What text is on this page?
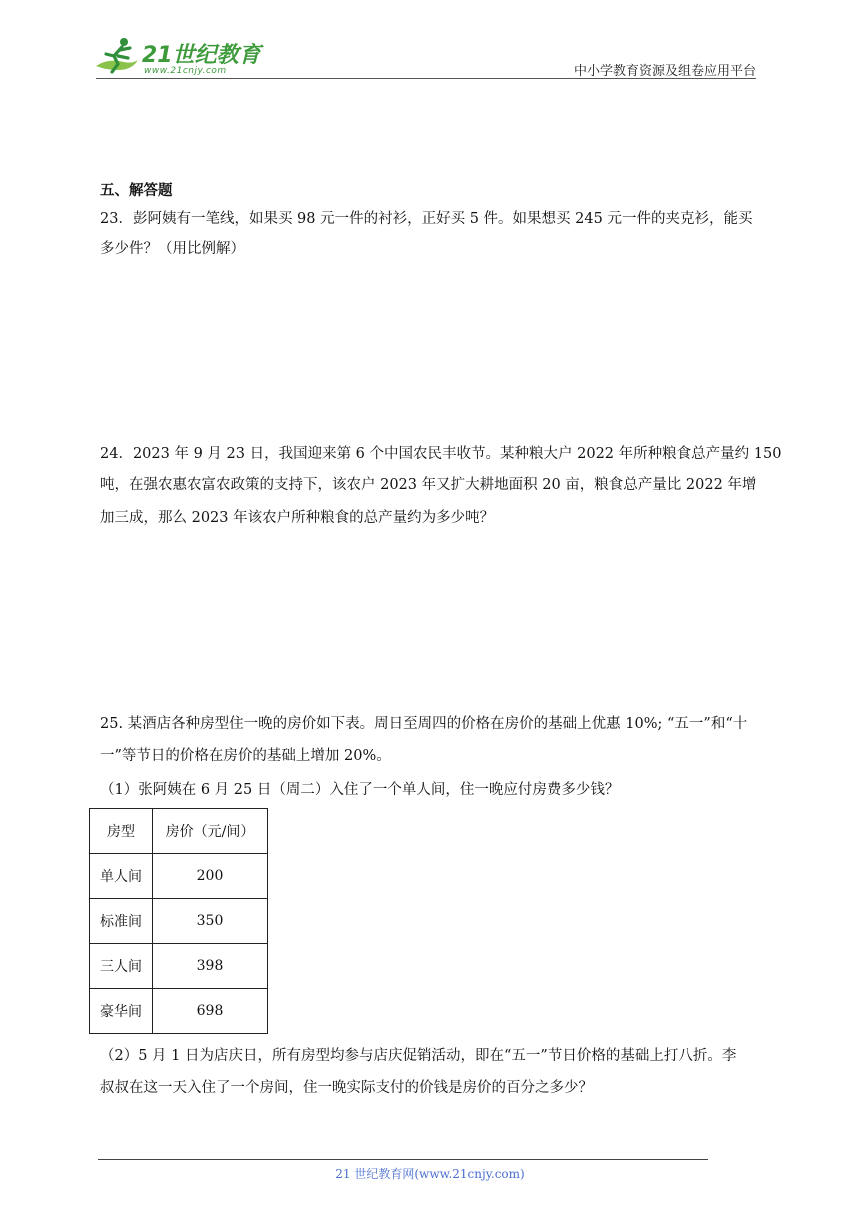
21世纪教育
www.21cnjy.com	中小学教育资源及组卷应用平台
五、解答题
23．彭阿姨有一笔线，如果买 98 元一件的衬衫，正好买 5 件。如果想买 245 元一件的夹克衫，能买
多少件？（用比例解）
24．2023 年 9 月 23 日，我国迎来第 6 个中国农民丰收节。某种粮大户 2022 年所种粮食总产量约 150
吨，在强农惠农富农政策的支持下，该农户 2023 年又扩大耕地面积 20 亩，粮食总产量比 2022 年增
加三成，那么 2023 年该农户所种粮食的总产量约为多少吨？
25. 某酒店各种房型住一晚的房价如下表。周日至周四的价格在房价的基础上优惠 10%; “五一”和“十
一”等节日的价格在房价的基础上增加 20%。
（1）张阿姨在 6 月 25 日（周二）入住了一个单人间，住一晚应付房费多少钱？
房型	房价（元/间）
单人间	200
标准间	350
三人间	398
豪华间	698
（2）5 月 1 日为店庆日，所有房型均参与店庆促销活动，即在“五一”节日价格的基础上打八折。李
叔叔在这一天入住了一个房间，住一晚实际支付的价钱是房价的百分之多少？
21 世纪教育网(www.21cnjy.com)
